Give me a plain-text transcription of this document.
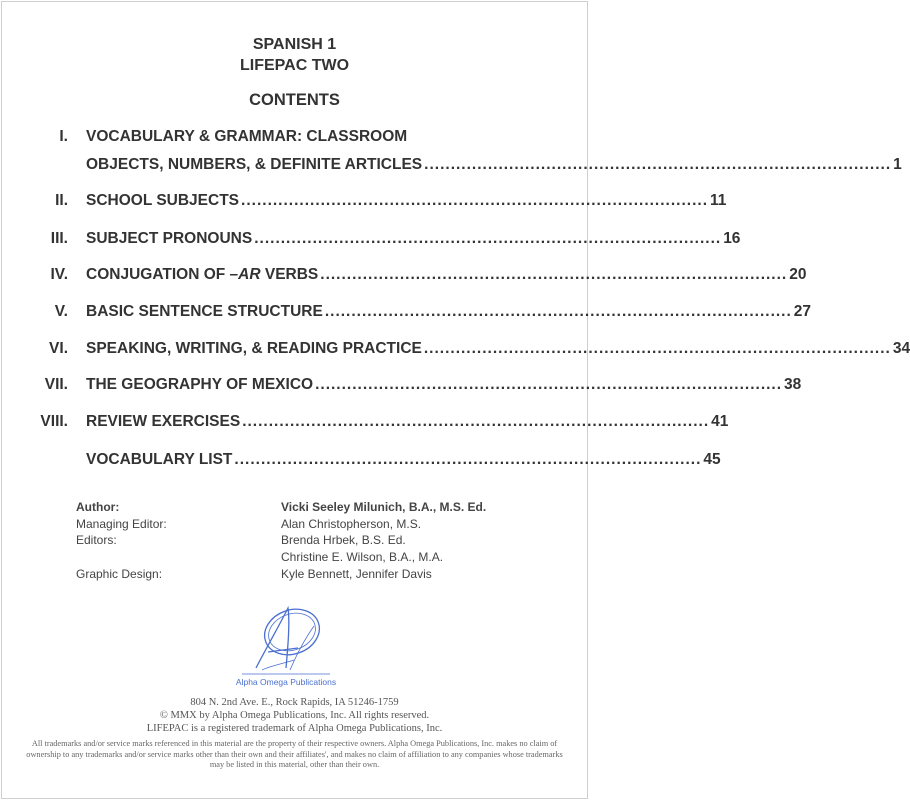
SPANISH 1
LIFEPAC TWO
CONTENTS
I. VOCABULARY & GRAMMAR: CLASSROOM
OBJECTS, NUMBERS, & DEFINITE ARTICLES ........................................................................................ 1
II. SCHOOL SUBJECTS ........................................................................................ 11
III. SUBJECT PRONOUNS ........................................................................................ 16
IV. CONJUGATION OF –AR VERBS ........................................................................................ 20
V. BASIC SENTENCE STRUCTURE ........................................................................................ 27
VI. SPEAKING, WRITING, & READING PRACTICE ........................................................................................ 34
VII. THE GEOGRAPHY OF MEXICO ........................................................................................ 38
VIII. REVIEW EXERCISES ........................................................................................ 41
VOCABULARY LIST ........................................................................................ 45
Author:	Vicki Seeley Milunich, B.A., M.S. Ed.
Managing Editor:	Alan Christopherson, M.S.
Editors:	Brenda Hrbek, B.S. Ed.
Christine E. Wilson, B.A., M.A.
Graphic Design:	Kyle Bennett, Jennifer Davis
Alpha Omega Publications
804 N. 2nd Ave. E., Rock Rapids, IA 51246-1759
© MMX by Alpha Omega Publications, Inc. All rights reserved.
LIFEPAC is a registered trademark of Alpha Omega Publications, Inc.
All trademarks and/or service marks referenced in this material are the property of their respective owners. Alpha Omega Publications, Inc. makes no claim of ownership to any trademarks and/or service marks other than their own and their affiliates', and makes no claim of affiliation to any companies whose trademarks may be listed in this material, other than their own.
